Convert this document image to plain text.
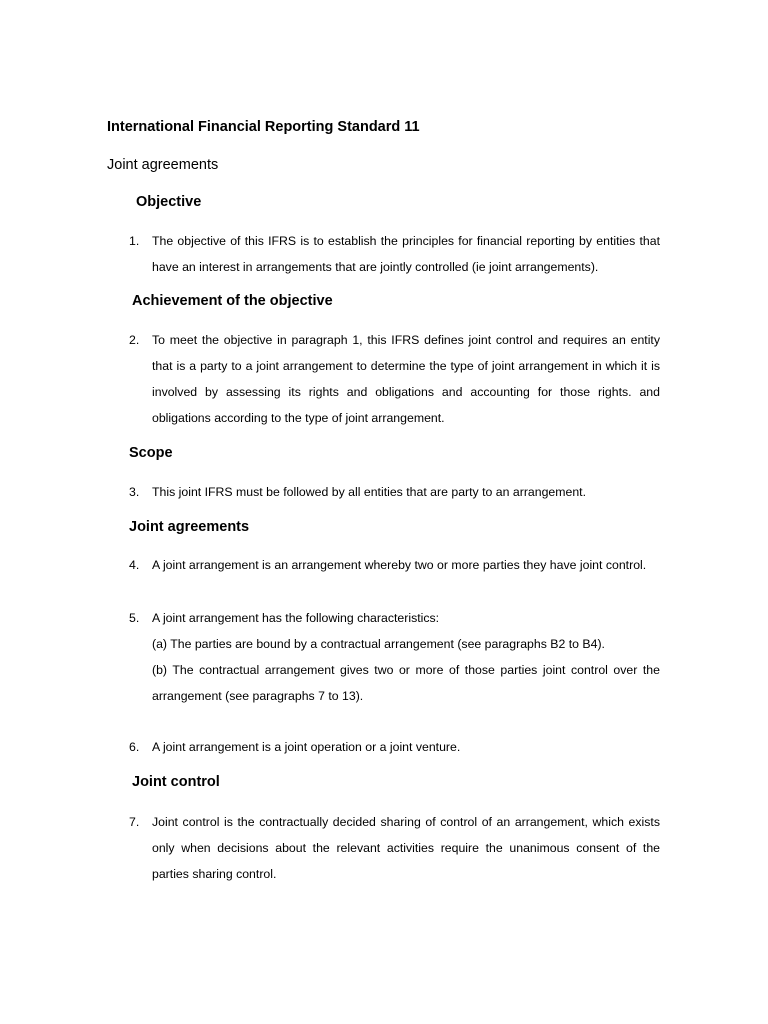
International Financial Reporting Standard 11
Joint agreements
Objective
1. The objective of this IFRS is to establish the principles for financial reporting by entities that have an interest in arrangements that are jointly controlled (ie joint arrangements).

Achievement of the objective
2. To meet the objective in paragraph 1, this IFRS defines joint control and requires an entity that is a party to a joint arrangement to determine the type of joint arrangement in which it is involved by assessing its rights and obligations and accounting for those rights. and obligations according to the type of joint arrangement.

Scope
3. This joint IFRS must be followed by all entities that are party to an arrangement.

Joint agreements
4. A joint arrangement is an arrangement whereby two or more parties they have joint control.

5. A joint arrangement has the following characteristics:

(a) The parties are bound by a contractual arrangement (see paragraphs B2 to B4).

(b) The contractual arrangement gives two or more of those parties joint control over the arrangement (see paragraphs 7 to 13).

6. A joint arrangement is a joint operation or a joint venture.

Joint control
7. Joint control is the contractually decided sharing of control of an arrangement, which exists only when decisions about the relevant activities require the unanimous consent of the parties sharing control.
